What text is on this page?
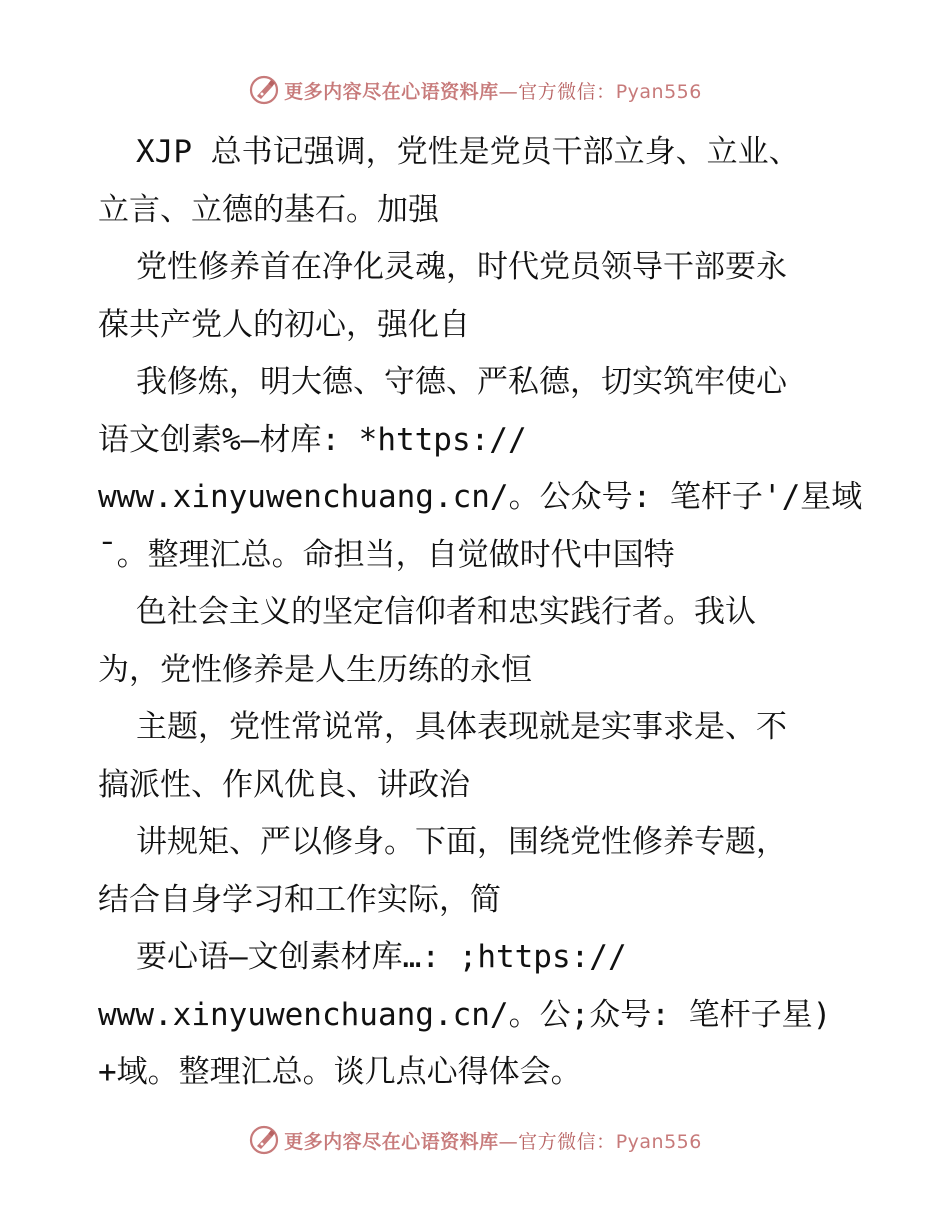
更多内容尽在心语资料库—官方微信：Pyan556
XJP 总书记强调，党性是党员干部立身、立业、
立言、立德的基石。加强
党性修养首在净化灵魂，时代党员领导干部要永
葆共产党人的初心，强化自
我修炼，明大德、守德、严私德，切实筑牢使心
语文创素%—材库: *https://
www.xinyuwenchuang.cn/。公众号: 笔杆子'/星域
¯。整理汇总。命担当，自觉做时代中国特
色社会主义的坚定信仰者和忠实践行者。我认
为，党性修养是人生历练的永恒
主题，党性常说常，具体表现就是实事求是、不
搞派性、作风优良、讲政治
讲规矩、严以修身。下面，围绕党性修养专题，
结合自身学习和工作实际，简
要心语—文创素材库…: ;https://
www.xinyuwenchuang.cn/。公;众号: 笔杆子星)
+域。整理汇总。谈几点心得体会。
更多内容尽在心语资料库—官方微信：Pyan556
